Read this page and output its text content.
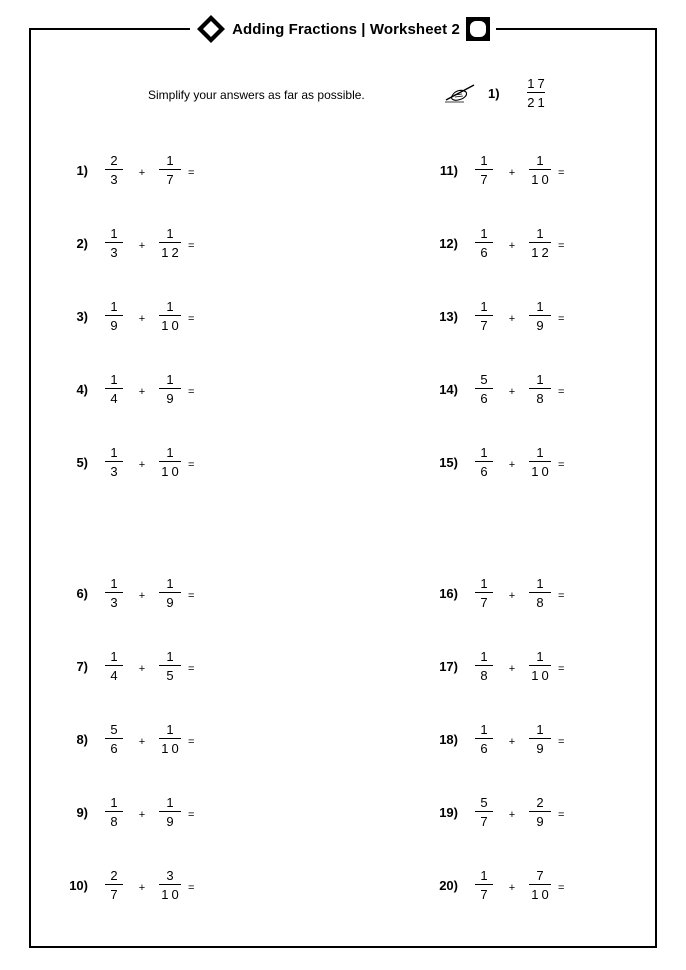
Adding Fractions | Worksheet 2
Simplify your answers as far as possible.	1)	$\frac{17}{21}$
$1) \frac{2}{3} + \frac{1}{7}$ =
$2) \frac{1}{3} + \frac{1}{12}$ =
$3) \frac{1}{9} + \frac{1}{10}$ =
$4) \frac{1}{4} + \frac{1}{9}$ =
$5) \frac{1}{3} + \frac{1}{10}$ =
$6) \frac{1}{3} + \frac{1}{9}$ =
$7) \frac{1}{4} + \frac{1}{5}$ =
$8) \frac{5}{6} + \frac{1}{10}$ =
$9) \frac{1}{8} + \frac{1}{9}$ =
$10) \frac{2}{7} + \frac{3}{10}$ =
$11) \frac{1}{7} + \frac{1}{10}$ =
$12) \frac{1}{6} + \frac{1}{12}$ =
$13) \frac{1}{7} + \frac{1}{9}$ =
$14) \frac{5}{6} + \frac{1}{8}$ =
$15) \frac{1}{6} + \frac{1}{10}$ =
$16) \frac{1}{7} + \frac{1}{8}$ =
$17) \frac{1}{8} + \frac{1}{10}$ =
$18) \frac{1}{6} + \frac{1}{9}$ =
$19) \frac{5}{7} + \frac{2}{9}$ =
$20) \frac{1}{7} + \frac{7}{10}$ =
